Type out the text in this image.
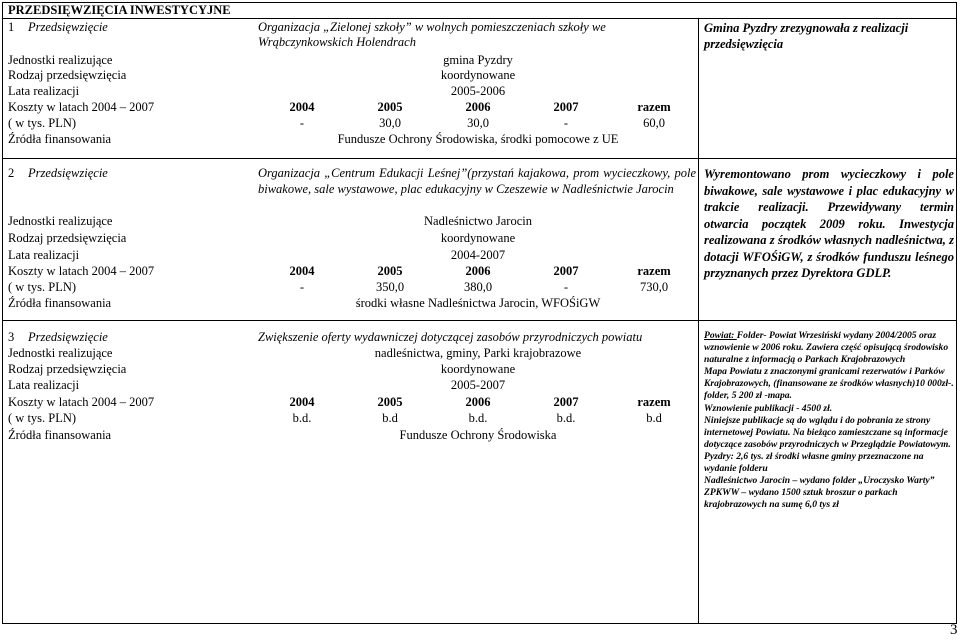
PRZEDSIĘWZIĘCIA INWESTYCYJNE
1 Przedsięwzięcie	Organizacja „Zielonej szkoły” w wolnych pomieszczeniach szkoły we
Wrąbczynkowskich Holendrach
Jednostki realizujące	gmina Pyzdry
Rodzaj przedsięwzięcia	koordynowane
Lata realizacji	2005-2006
Koszty w latach 2004 – 2007	2004	2005	2006	2007	razem
( w tys. PLN)	-	30,0	30,0	-	60,0
Źródła finansowania	Fundusze Ochrony Środowiska, środki pomocowe z UE
Gmina Pyzdry zrezygnowała z realizacji przedsięwzięcia
2 Przedsięwzięcie	Organizacja „Centrum Edukacji Leśnej”(przystań kajakowa, prom wycieczkowy, pole biwakowe, sale wystawowe, plac edukacyjny w Czeszewie w Nadleśnictwie Jarocin
Jednostki realizujące	Nadleśnictwo Jarocin
Rodzaj przedsięwzięcia	koordynowane
Lata realizacji	2004-2007
Koszty w latach 2004 – 2007	2004	2005	2006	2007	razem
( w tys. PLN)	-	350,0	380,0	-	730,0
Źródła finansowania	środki własne Nadleśnictwa Jarocin, WFOŚiGW
Wyremontowano prom wycieczkowy i pole biwakowe, sale wystawowe i plac edukacyjny w trakcie realizacji. Przewidywany termin otwarcia początek 2009 roku. Inwestycja realizowana z środków własnych nadleśnictwa, z dotacji WFOŚiGW, z środków funduszu leśnego przyznanych przez Dyrektora GDLP.
3 Przedsięwzięcie	Zwiększenie oferty wydawniczej dotyczącej zasobów przyrodniczych powiatu
Jednostki realizujące	nadleśnictwa, gminy, Parki krajobrazowe
Rodzaj przedsięwzięcia	koordynowane
Lata realizacji	2005-2007
Koszty w latach 2004 – 2007	2004	2005	2006	2007	razem
( w tys. PLN)	b.d.	b.d	b.d.	b.d.	b.d
Źródła finansowania	Fundusze Ochrony Środowiska

Powiat: Folder- Powiat Wrzesiński wydany 2004/2005 oraz wznowienie w 2006 roku. Zawiera część opisującą środowisko naturalne z informacją o Parkach Krajobrazowych

Mapa Powiatu z znaczonymi granicami rezerwatów i Parków Krajobrazowych, (finansowane ze środków własnych)10 000zł-. folder, 5 200 zł -mapa.

Wznowienie publikacji - 4500 zł.

Niniejsze publikacje są do wglądu i do pobrania ze strony internetowej Powiatu. Na bieżąco zamieszczane są informacje dotyczące zasobów przyrodniczych w Przeglądzie Powiatowym.

Pyzdry: 2,6 tys. zł środki własne gminy przeznaczone na wydanie folderu

Nadleśnictwo Jarocin – wydano folder „Uroczysko Warty”

ZPKWW – wydano 1500 sztuk broszur o parkach krajobrazowych na sumę 6,0 tys zł

3
